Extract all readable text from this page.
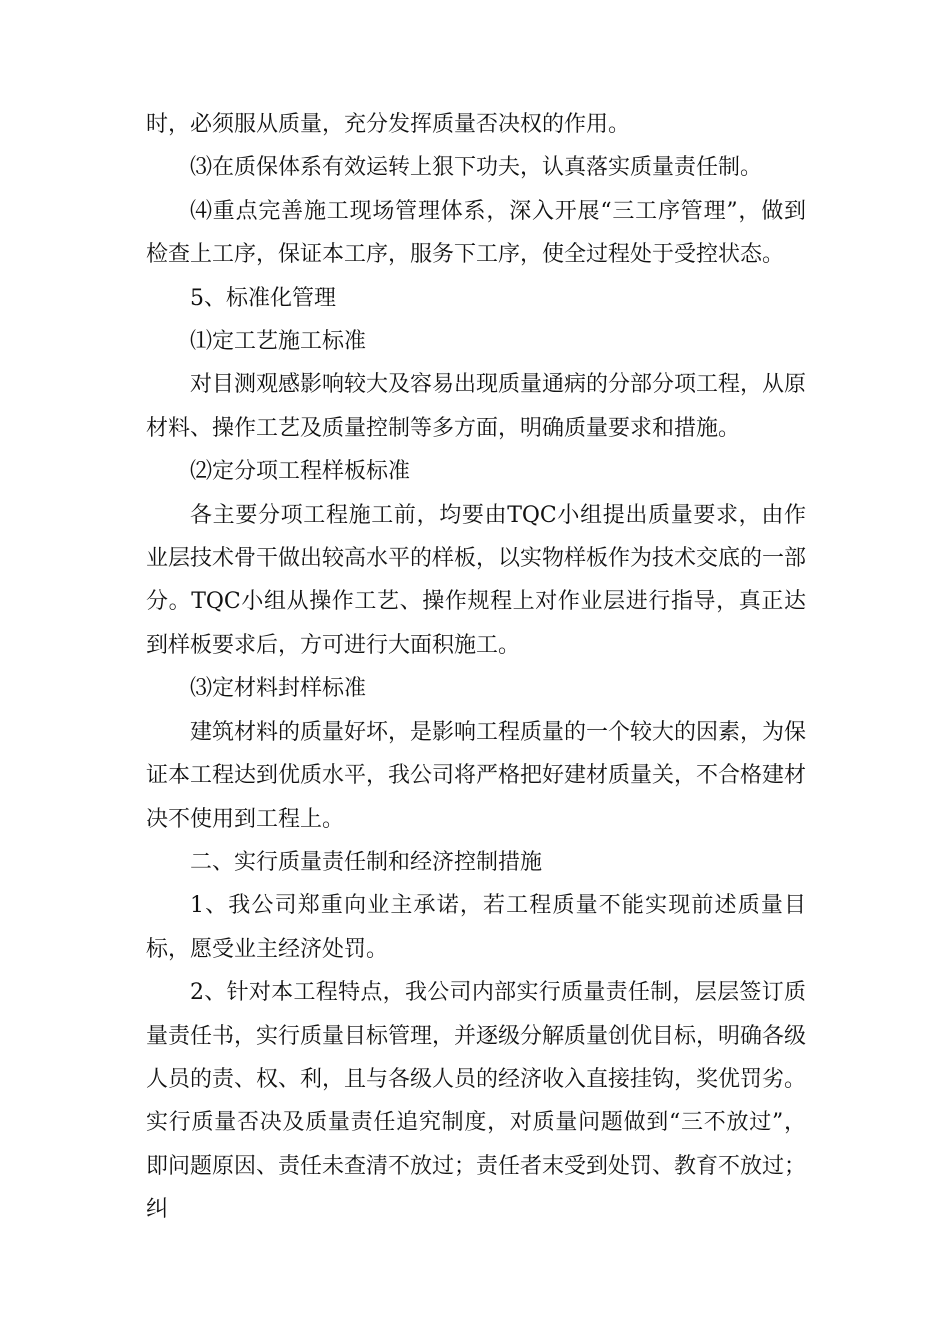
时，必须服从质量，充分发挥质量否决权的作用。

⑶在质保体系有效运转上狠下功夫，认真落实质量责任制。

⑷重点完善施工现场管理体系，深入开展“三工序管理”，做到检查上工序，保证本工序，服务下工序，使全过程处于受控状态。

5、标准化管理

⑴定工艺施工标准

对目测观感影响较大及容易出现质量通病的分部分项工程，从原材料、操作工艺及质量控制等多方面，明确质量要求和措施。

⑵定分项工程样板标准

各主要分项工程施工前，均要由TQC小组提出质量要求，由作业层技术骨干做出较高水平的样板，以实物样板作为技术交底的一部分。TQC小组从操作工艺、操作规程上对作业层进行指导，真正达到样板要求后，方可进行大面积施工。

⑶定材料封样标准

建筑材料的质量好坏，是影响工程质量的一个较大的因素，为保证本工程达到优质水平，我公司将严格把好建材质量关，不合格建材决不使用到工程上。

二、实行质量责任制和经济控制措施

1、我公司郑重向业主承诺，若工程质量不能实现前述质量目标，愿受业主经济处罚。

2、针对本工程特点，我公司内部实行质量责任制，层层签订质量责任书，实行质量目标管理，并逐级分解质量创优目标，明确各级人员的责、权、利，且与各级人员的经济收入直接挂钩，奖优罚劣。实行质量否决及质量责任追究制度，对质量问题做到“三不放过”，即问题原因、责任未查清不放过；责任者末受到处罚、教育不放过；纠
